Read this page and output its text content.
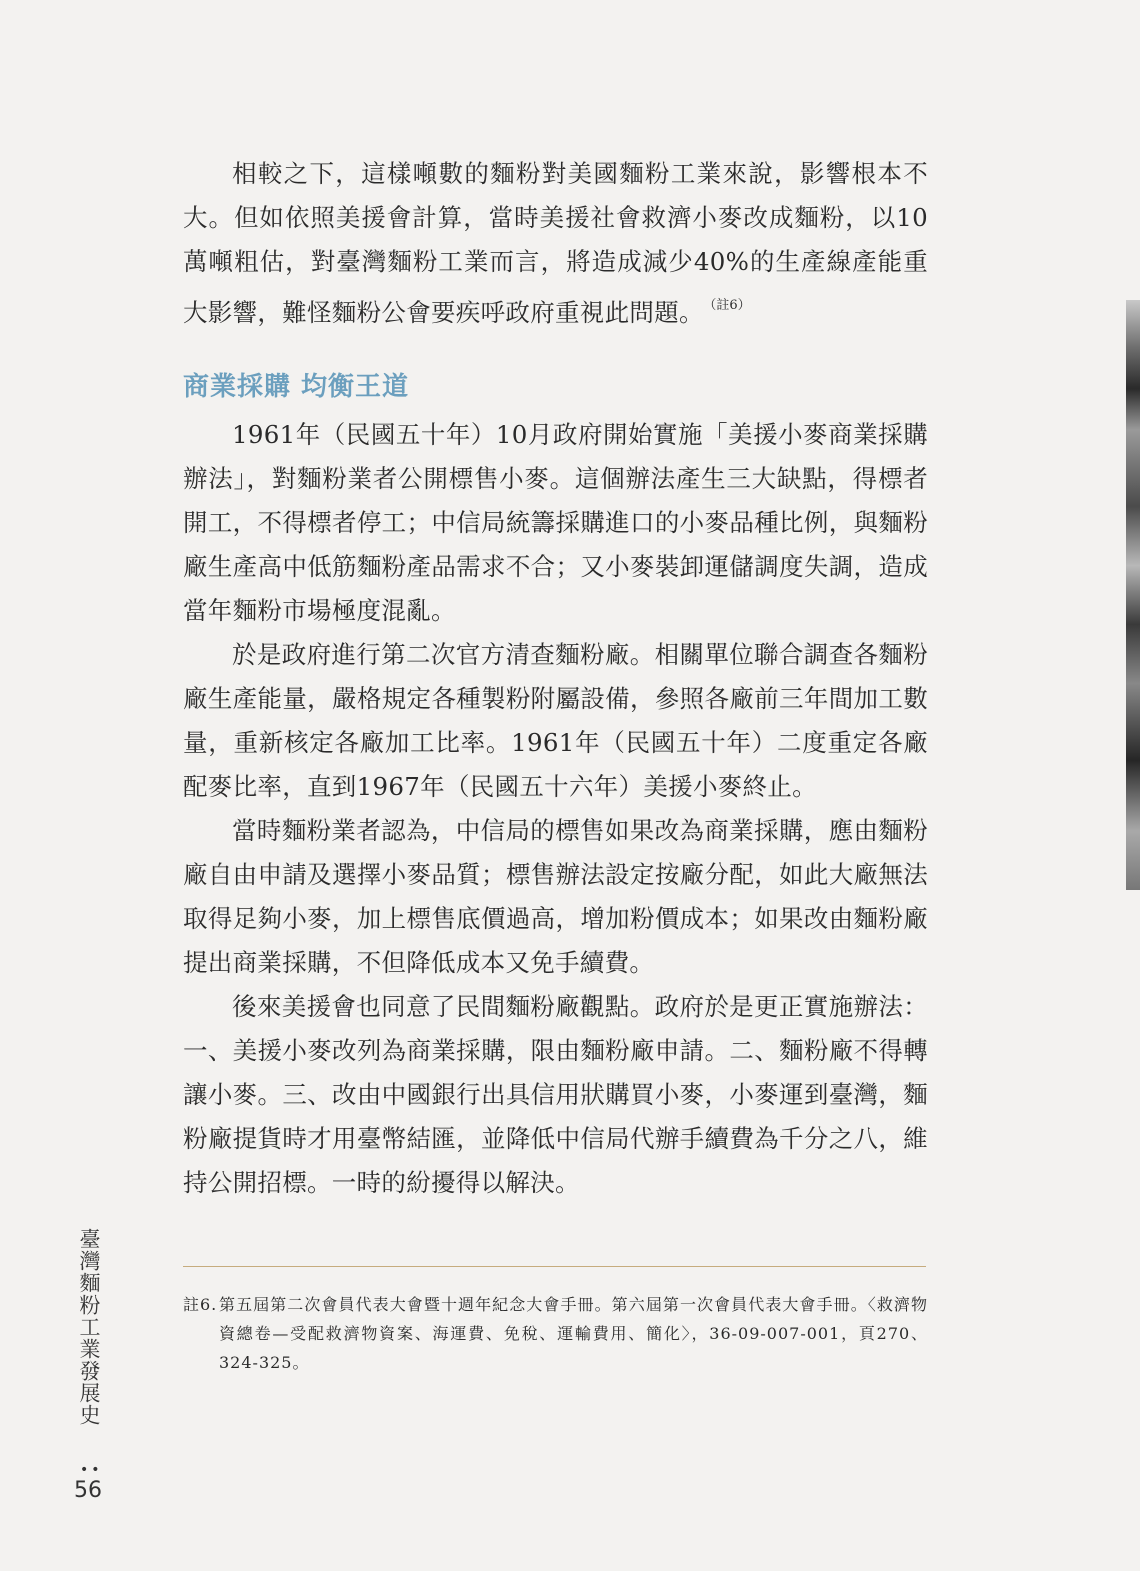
相較之下，這樣噸數的麵粉對美國麵粉工業來說，影響根本不大。但如依照美援會計算，當時美援社會救濟小麥改成麵粉，以10萬噸粗估，對臺灣麵粉工業而言，將造成減少40%的生產線產能重大影響，難怪麵粉公會要疾呼政府重視此問題。 $^{(註6)}$

商業採購 均衡王道

1961年（民國五十年）10月政府開始實施「美援小麥商業採購辦法」，對麵粉業者公開標售小麥。這個辦法產生三大缺點，得標者開工，不得標者停工；中信局統籌採購進口的小麥品種比例，與麵粉廠生產高中低筋麵粉產品需求不合；又小麥裝卸運儲調度失調，造成當年麵粉市場極度混亂。

於是政府進行第二次官方清查麵粉廠。相關單位聯合調查各麵粉廠生產能量，嚴格規定各種製粉附屬設備，參照各廠前三年間加工數量，重新核定各廠加工比率。1961年（民國五十年）二度重定各廠配麥比率，直到1967年（民國五十六年）美援小麥終止。

當時麵粉業者認為，中信局的標售如果改為商業採購，應由麵粉廠自由申請及選擇小麥品質；標售辦法設定按廠分配，如此大廠無法取得足夠小麥，加上標售底價過高，增加粉價成本；如果改由麵粉廠提出商業採購，不但降低成本又免手續費。

後來美援會也同意了民間麵粉廠觀點。政府於是更正實施辦法：一、美援小麥改列為商業採購，限由麵粉廠申請。二、麵粉廠不得轉讓小麥。三、改由中國銀行出具信用狀購買小麥，小麥運到臺灣，麵粉廠提貨時才用臺幣結匯，並降低中信局代辦手續費為千分之八，維持公開招標。一時的紛擾得以解決。

註6. 第五屆第二次會員代表大會暨十週年紀念大會手冊。第六屆第一次會員代表大會手冊。〈救濟物資總卷—受配救濟物資案、海運費、免稅、運輸費用、簡化〉，36-09-007-001，頁270、324-325。
臺灣麵粉工業發展史
••
56
